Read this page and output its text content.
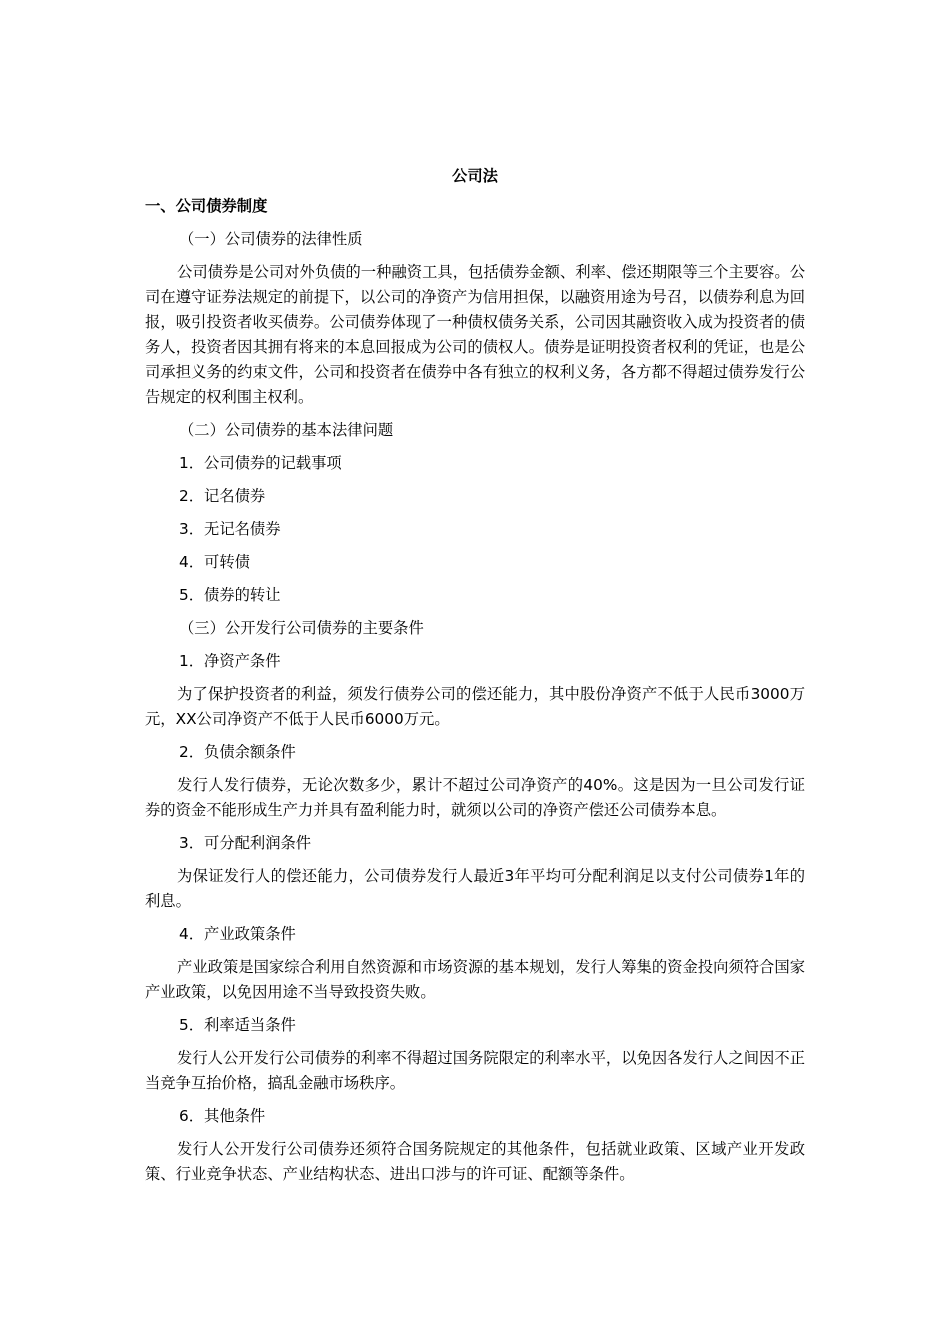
公司法

一、公司债券制度

（一）公司债券的法律性质

公司债券是公司对外负债的一种融资工具，包括债券金额、利率、偿还期限等三个主要容。公司在遵守证券法规定的前提下，以公司的净资产为信用担保，以融资用途为号召，以债券利息为回报，吸引投资者收买债券。公司债券体现了一种债权债务关系，公司因其融资收入成为投资者的债务人，投资者因其拥有将来的本息回报成为公司的债权人。债券是证明投资者权利的凭证，也是公司承担义务的约束文件，公司和投资者在债券中各有独立的权利义务，各方都不得超过债券发行公告规定的权利围主权利。

（二）公司债券的基本法律问题

1．公司债券的记载事项

2．记名债券

3．无记名债券

4．可转债

5．债券的转让

（三）公开发行公司债券的主要条件

1．净资产条件

为了保护投资者的利益，须发行债券公司的偿还能力，其中股份净资产不低于人民币3000万元，XX公司净资产不低于人民币6000万元。

2．负债余额条件

发行人发行债券，无论次数多少，累计不超过公司净资产的40%。这是因为一旦公司发行证券的资金不能形成生产力并具有盈利能力时，就须以公司的净资产偿还公司债券本息。

3．可分配利润条件

为保证发行人的偿还能力，公司债券发行人最近3年平均可分配利润足以支付公司债券1年的利息。

4．产业政策条件

产业政策是国家综合利用自然资源和市场资源的基本规划，发行人筹集的资金投向须符合国家产业政策，以免因用途不当导致投资失败。

5．利率适当条件

发行人公开发行公司债券的利率不得超过国务院限定的利率水平，以免因各发行人之间因不正当竞争互抬价格，搞乱金融市场秩序。

6．其他条件

发行人公开发行公司债券还须符合国务院规定的其他条件，包括就业政策、区域产业开发政策、行业竞争状态、产业结构状态、进出口涉与的许可证、配额等条件。
